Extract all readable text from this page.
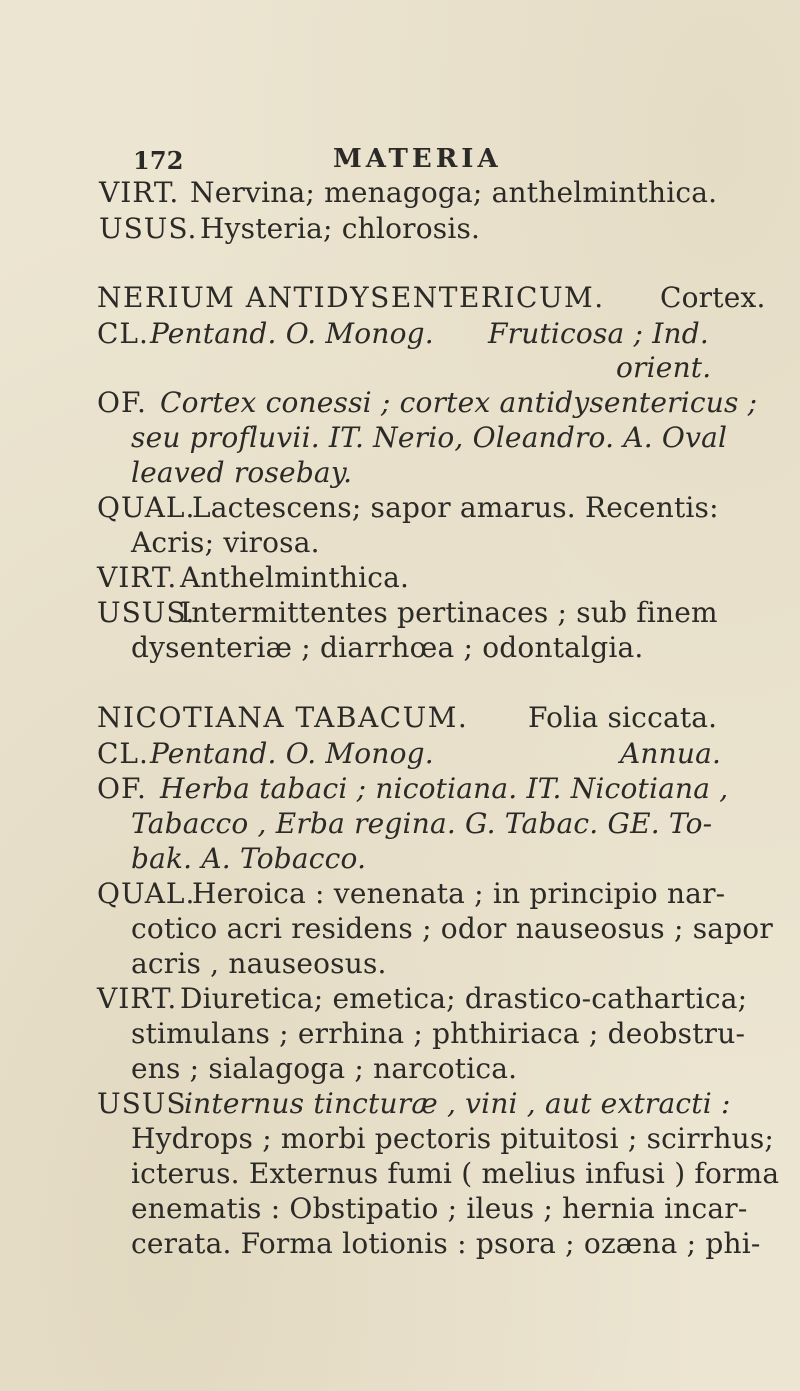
172	MATERIA
VIRT. Nervina; menagoga; anthelminthica.
USUS. Hysteria; chlorosis.
NERIUM ANTIDYSENTERICUM. Cortex.
CL. Pentand. O. Monog. Fruticosa ; Ind.
orient.
OF. Cortex conessi ; cortex antidysentericus ;
seu profluvii. IT. Nerio, Oleandro. A. Oval
leaved rosebay.
QUAL.
Lactescens; sapor amarus. Recentis:
Acris; virosa.
VIRT. Anthelminthica.
USUS.
Intermittentes pertinaces ; sub finem
dysenteriæ ; diarrhœa ; odontalgia.
NICOTIANA TABACUM. Folia siccata.
CL. Pentand. O. Monog.	Annua.
OF. Herba tabaci ; nicotiana. IT. Nicotiana ,
Tabacco , Erba regina. G. Tabac. GE. To-
bak. A. Tobacco.
QUAL.
Heroica : venenata ; in principio nar-
cotico acri residens ; odor nauseosus ; sapor
acris , nauseosus.
VIRT. Diuretica; emetica; drastico-cathartica;
stimulans ; errhina ; phthiriaca ; deobstru-
ens ; sialagoga ; narcotica.
USUS
internus tincturæ , vini , aut extracti :
Hydrops ; morbi pectoris pituitosi ; scirrhus;
icterus. Externus fumi ( melius infusi ) forma
enematis : Obstipatio ; ileus ; hernia incar-
cerata. Forma lotionis : psora ; ozæna ; phi-
